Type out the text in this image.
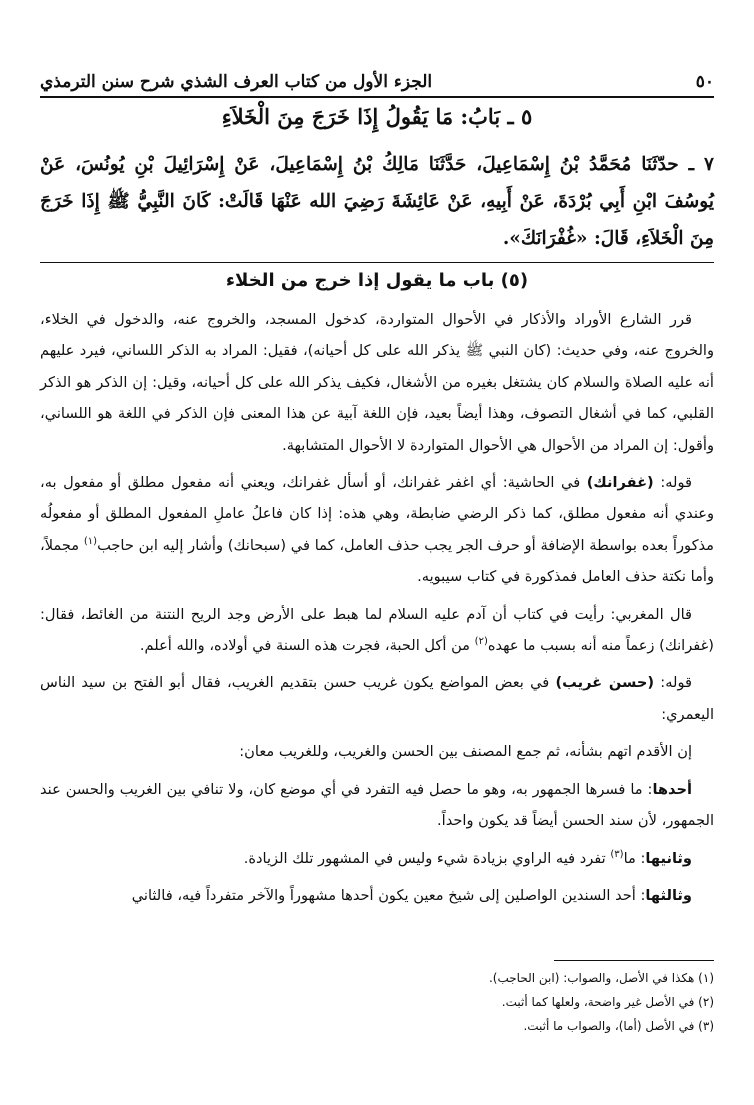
٥٠
الجزء الأول من كتاب العرف الشذي شرح سنن الترمذي
٥ ـ بَابُ: مَا يَقُولُ إِذَا خَرَجَ مِنَ الْخَلاَءِ
٧ ـ حدّثَنَا مُحَمَّدُ بْنُ إِسْمَاعِيلَ، حَدَّثَنَا مَالِكُ بْنُ إِسْمَاعِيلَ، عَنْ إِسْرَائِيلَ بْنِ يُونُسَ، عَنْ يُوسُفَ ابْنِ أَبِي بُرْدَةَ، عَنْ أَبِيهِ، عَنْ عَائِشَةَ رَضِيَ الله عَنْهَا قَالَتْ: كَانَ النَّبِيُّ ﷺ إِذَا خَرَجَ مِنَ الْخَلاَءِ، قَالَ: «غُفْرَانَكَ».
(٥) باب ما يقول إذا خرج من الخلاء

قرر الشارع الأوراد والأذكار في الأحوال المتواردة، كدخول المسجد، والخروج عنه، والدخول في الخلاء، والخروج عنه، وفي حديث: (كان النبي ﷺ يذكر الله على كل أحيانه)، فقيل: المراد به الذكر اللساني، فيرد عليهم أنه عليه الصلاة والسلام كان يشتغل بغيره من الأشغال، فكيف يذكر الله على كل أحيانه، وقيل: إن الذكر هو الذكر القلبي، كما في أشغال التصوف، وهذا أيضاً بعيد، فإن اللغة آبية عن هذا المعنى فإن الذكر في اللغة هو اللساني، وأقول: إن المراد من الأحوال هي الأحوال المتواردة لا الأحوال المتشابهة.

قوله: (غفرانك) في الحاشية: أي اغفر غفرانك، أو أسأل غفرانك، ويعني أنه مفعول مطلق أو مفعول به، وعندي أنه مفعول مطلق، كما ذكر الرضي ضابطة، وهي هذه: إذا كان فاعلُ عاملِ المفعول المطلق أو مفعولُه مذكوراً بعده بواسطة الإضافة أو حرف الجر يجب حذف العامل، كما في (سبحانك) وأشار إليه ابن حاجب$^{(١)}$ مجملاً، وأما نكتة حذف العامل فمذكورة في كتاب سيبويه.

قال المغربي: رأيت في كتاب أن آدم عليه السلام لما هبط على الأرض وجد الريح النتنة من الغائط، فقال: (غفرانك) زعماً منه أنه بسبب ما عهده$^{(٢)}$ من أكل الحبة، فجرت هذه السنة في أولاده، والله أعلم.

قوله: (حسن غريب) في بعض المواضع يكون غريب حسن بتقديم الغريب، فقال أبو الفتح بن سيد الناس اليعمري:

إن الأقدم اتهم بشأنه، ثم جمع المصنف بين الحسن والغريب، وللغريب معان:

أحدها: ما فسرها الجمهور به، وهو ما حصل فيه التفرد في أي موضع كان، ولا تنافي بين الغريب والحسن عند الجمهور، لأن سند الحسن أيضاً قد يكون واحداً.

وثانيها: ما$^{(٣)}$ تفرد فيه الراوي بزيادة شيء وليس في المشهور تلك الزيادة.

وثالثها: أحد السندين الواصلين إلى شيخ معين يكون أحدها مشهوراً والآخر متفرداً فيه، فالثاني

(١) هكذا في الأصل، والصواب: (ابن الحاجب).
(٢) في الأصل غير واضحة، ولعلها كما أثبت.
(٣) في الأصل (أما)، والصواب ما أثبت.
